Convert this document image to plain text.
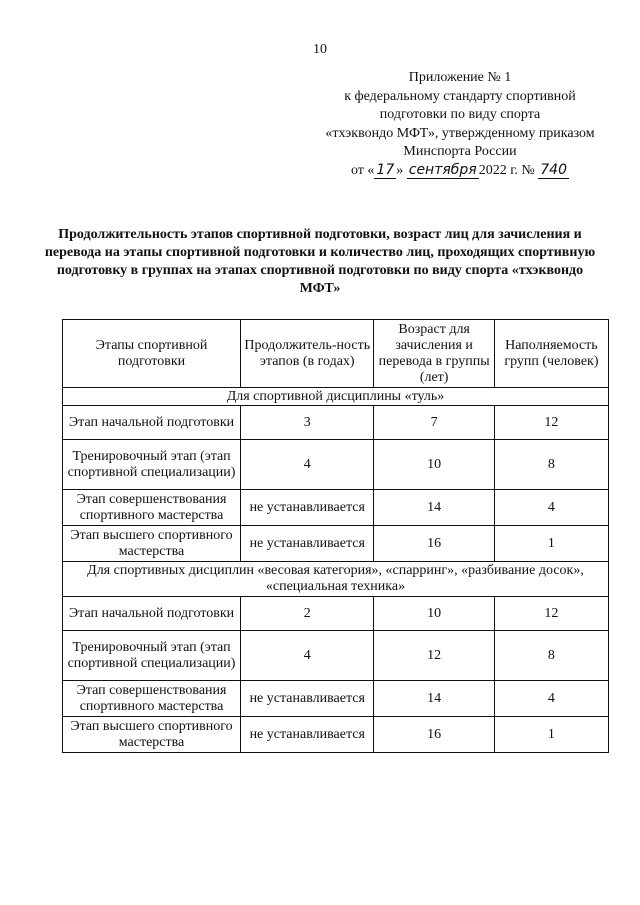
10
Приложение № 1
к федеральному стандарту спортивной
подготовки по виду спорта
«тхэквондо МФТ», утвержденному приказом
Минспорта России
от « 17 » сентября 2022 г. № 740
Продолжительность этапов спортивной подготовки, возраст лиц для зачисления и перевода на этапы спортивной подготовки и количество лиц, проходящих спортивную подготовку в группах на этапах спортивной подготовки по виду спорта «тхэквондо МФТ»
Этапы спортивной подготовки	Продолжитель-ность этапов (в годах)	Возраст для зачисления и перевода в группы (лет)	Наполняемость групп (человек)
Для спортивной дисциплины «туль»			
Этап начальной подготовки	3	7	12
Тренировочный этап (этап спортивной специализации)	4	10	8
Этап совершенствования спортивного мастерства	не устанавливается	14	4
Этап высшего спортивного мастерства	не устанавливается	16	1
Для спортивных дисциплин «весовая категория», «спарринг», «разбивание досок», «специальная техника»			
Этап начальной подготовки	2	10	12
Тренировочный этап (этап спортивной специализации)	4	12	8
Этап совершенствования спортивного мастерства	не устанавливается	14	4
Этап высшего спортивного мастерства	не устанавливается	16	1
